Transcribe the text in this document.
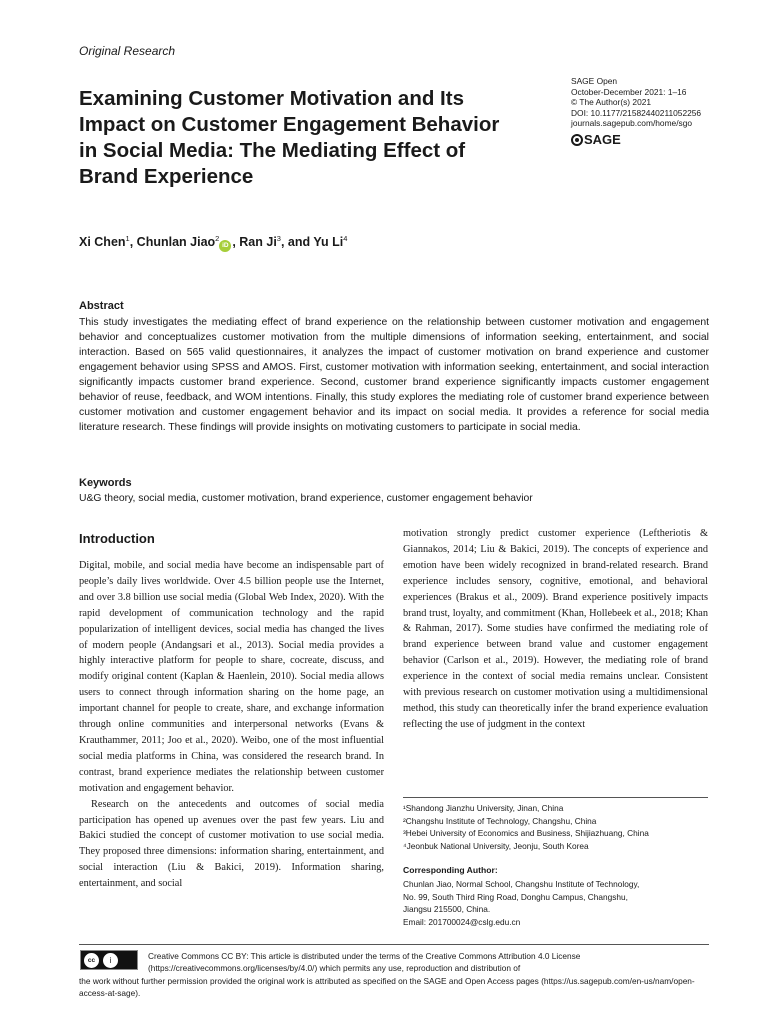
Original Research
Examining Customer Motivation and Its Impact on Customer Engagement Behavior in Social Media: The Mediating Effect of Brand Experience
SAGE Open
October-December 2021: 1–16
© The Author(s) 2021
DOI: 10.1177/21582440211052256
journals.sagepub.com/home/sgo
SAGE
Xi Chen$^1$, Chunlan Jiao$^2$iD , Ran Ji$^3$, and Yu Li$^4$
Abstract
This study investigates the mediating effect of brand experience on the relationship between customer motivation and engagement behavior and conceptualizes customer motivation from the multiple dimensions of information seeking, entertainment, and social interaction. Based on 565 valid questionnaires, it analyzes the impact of customer motivation on brand experience and customer engagement behavior using SPSS and AMOS. First, customer motivation with information seeking, entertainment, and social interaction significantly impacts customer brand experience. Second, customer brand experience significantly impacts customer engagement behavior of reuse, feedback, and WOM intentions. Finally, this study explores the mediating role of customer brand experience between customer motivation and customer engagement behavior and its impact on social media. It provides a reference for social media literature research. These findings will provide insights on motivating customers to participate in social media.
Keywords
U&G theory, social media, customer motivation, brand experience, customer engagement behavior
Introduction

Digital, mobile, and social media have become an indispensable part of people’s daily lives worldwide. Over 4.5 billion people use the Internet, and over 3.8 billion use social media (Global Web Index, 2020). With the rapid development of communication technology and the rapid popularization of intelligent devices, social media has changed the lives of modern people (Andangsari et al., 2013). Social media provides a highly interactive platform for people to share, cocreate, discuss, and modify original content (Kaplan & Haenlein, 2010). Social media allows users to connect through information sharing on the home page, an important channel for people to create, share, and exchange information through online communities and interpersonal networks (Evans & Krauthammer, 2011; Joo et al., 2020). Weibo, one of the most influential social media platforms in China, was considered the research brand. In contrast, brand experience mediates the relationship between customer motivation and engagement behavior.

Research on the antecedents and outcomes of social media participation has opened up avenues over the past few years. Liu and Bakici studied the concept of customer motivation to use social media. They proposed three dimensions: information sharing, entertainment, and social interaction (Liu & Bakici, 2019). Information sharing, entertainment, and social

motivation strongly predict customer experience (Leftheriotis & Giannakos, 2014; Liu & Bakici, 2019). The concepts of experience and emotion have been widely recognized in brand-related research. Brand experience includes sensory, cognitive, emotional, and behavioral experiences (Brakus et al., 2009). Brand experience positively impacts brand trust, loyalty, and commitment (Khan, Hollebeek et al., 2018; Khan & Rahman, 2017). Some studies have confirmed the mediating role of brand experience between brand value and customer engagement behavior (Carlson et al., 2019). However, the mediating role of brand experience in the context of social media remains unclear. Consistent with previous research on customer motivation using a multidimensional method, this study can theoretically infer the brand experience evaluation reflecting the use of judgment in the context

¹Shandong Jianzhu University, Jinan, China
²Changshu Institute of Technology, Changshu, China
³Hebei University of Economics and Business, Shijiazhuang, China
⁴Jeonbuk National University, Jeonju, South Korea
Corresponding Author:
Chunlan Jiao, Normal School, Changshu Institute of Technology,
No. 99, South Third Ring Road, Donghu Campus, Changshu,
Jiangsu 215500, China.
Email: 201700024@cslg.edu.cn
cc	i	Creative Commons CC BY: This article is distributed under the terms of the Creative Commons Attribution 4.0 License (https://creativecommons.org/licenses/by/4.0/) which permits any use, reproduction and distribution of
the work without further permission provided the original work is attributed as specified on the SAGE and Open Access pages (https://us.sagepub.com/en-us/nam/open-access-at-sage).
